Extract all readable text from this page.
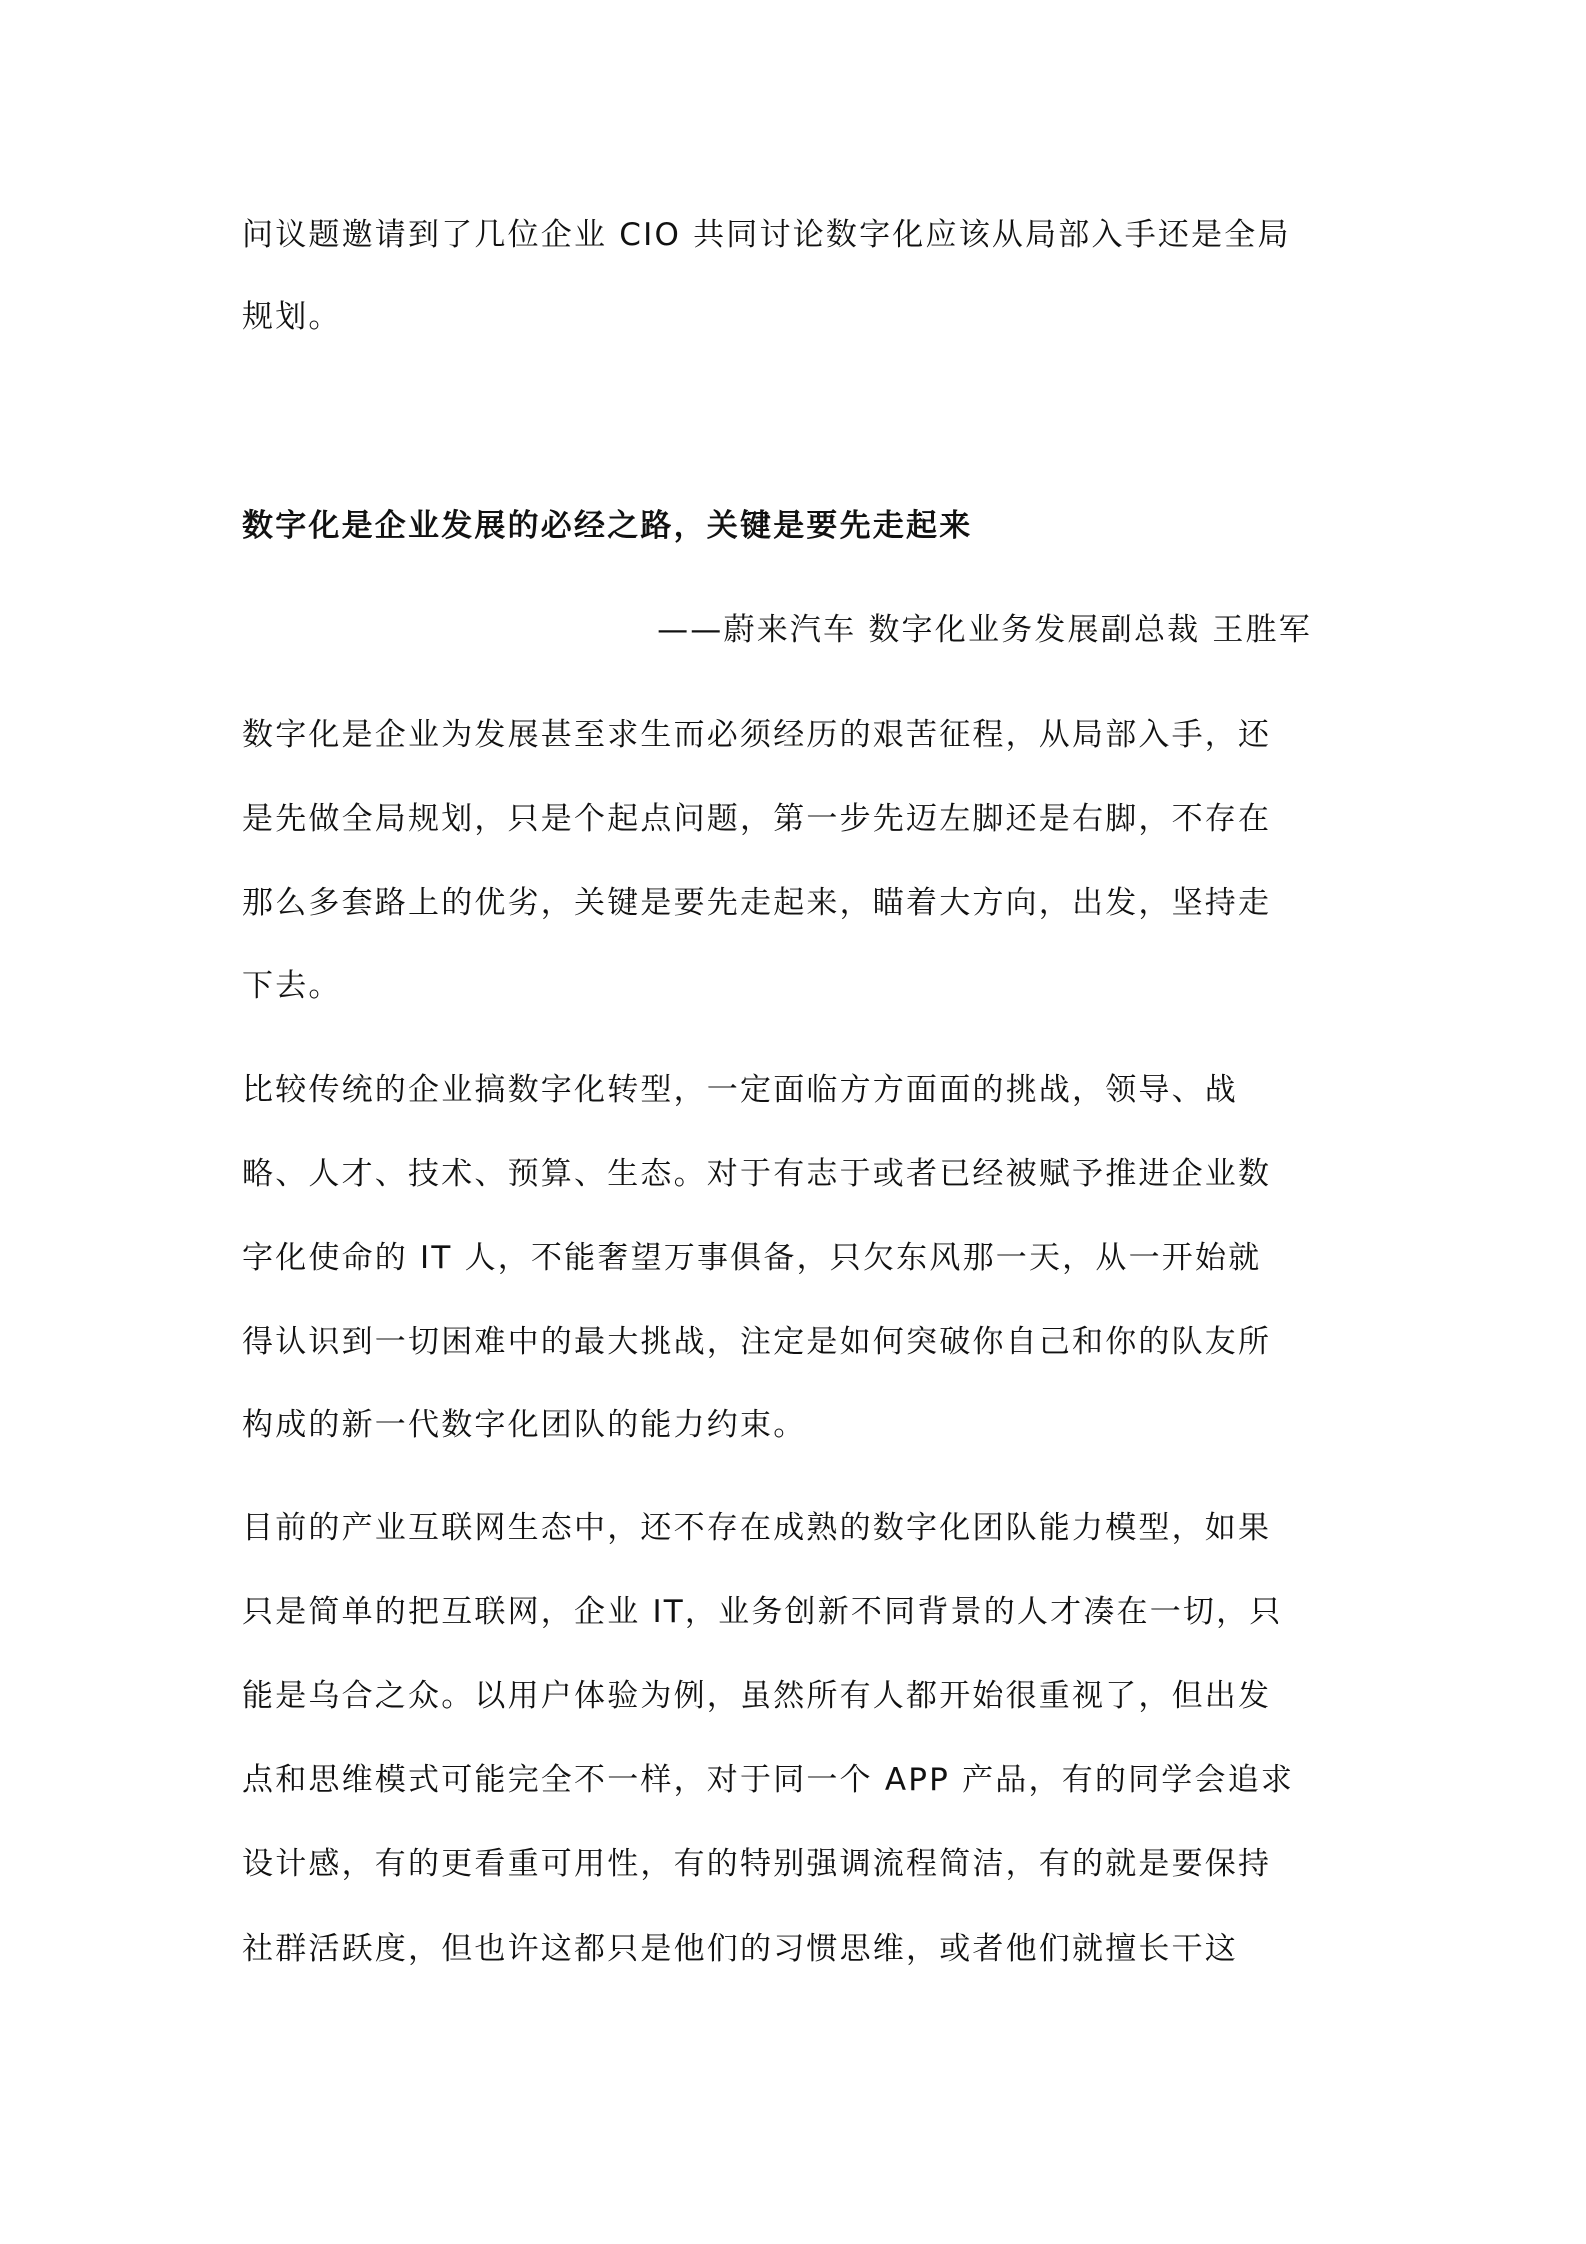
问议题邀请到了几位企业 CIO 共同讨论数字化应该从局部入手还是全局
规划。
数字化是企业发展的必经之路，关键是要先走起来
——蔚来汽车 数字化业务发展副总裁 王胜军
数字化是企业为发展甚至求生而必须经历的艰苦征程，从局部入手，还
是先做全局规划，只是个起点问题，第一步先迈左脚还是右脚，不存在
那么多套路上的优劣，关键是要先走起来，瞄着大方向，出发，坚持走
下去。
比较传统的企业搞数字化转型，一定面临方方面面的挑战，领导、战
略、人才、技术、预算、生态。对于有志于或者已经被赋予推进企业数
字化使命的 IT 人，不能奢望万事俱备，只欠东风那一天，从一开始就
得认识到一切困难中的最大挑战，注定是如何突破你自己和你的队友所
构成的新一代数字化团队的能力约束。
目前的产业互联网生态中，还不存在成熟的数字化团队能力模型，如果
只是简单的把互联网，企业 IT，业务创新不同背景的人才凑在一切，只
能是乌合之众。以用户体验为例，虽然所有人都开始很重视了，但出发
点和思维模式可能完全不一样，对于同一个 APP 产品，有的同学会追求
设计感，有的更看重可用性，有的特别强调流程简洁，有的就是要保持
社群活跃度，但也许这都只是他们的习惯思维，或者他们就擅长干这
